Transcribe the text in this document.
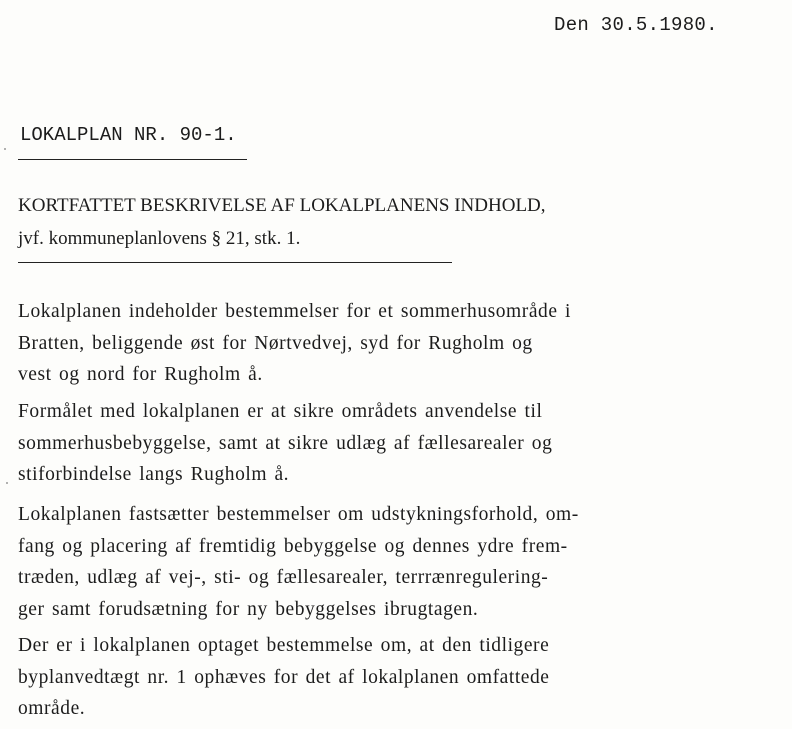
Den 30.5.1980.
LOKALPLAN NR. 90-1.
KORTFATTET BESKRIVELSE AF LOKALPLANENS INDHOLD,
jvf. kommuneplanlovens § 21, stk. 1.
Lokalplanen indeholder bestemmelser for et sommerhusområde i
Bratten, beliggende øst for Nørtvedvej, syd for Rugholm og
vest og nord for Rugholm å.
Formålet med lokalplanen er at sikre områdets anvendelse til
sommerhusbebyggelse, samt at sikre udlæg af fællesarealer og
stiforbindelse langs Rugholm å.
Lokalplanen fastsætter bestemmelser om udstykningsforhold, om-
fang og placering af fremtidig bebyggelse og dennes ydre frem-
træden, udlæg af vej-, sti- og fællesarealer, terrrænregulering-
ger samt forudsætning for ny bebyggelses ibrugtagen.
Der er i lokalplanen optaget bestemmelse om, at den tidligere
byplanvedtægt nr. 1 ophæves for det af lokalplanen omfattede
område.
